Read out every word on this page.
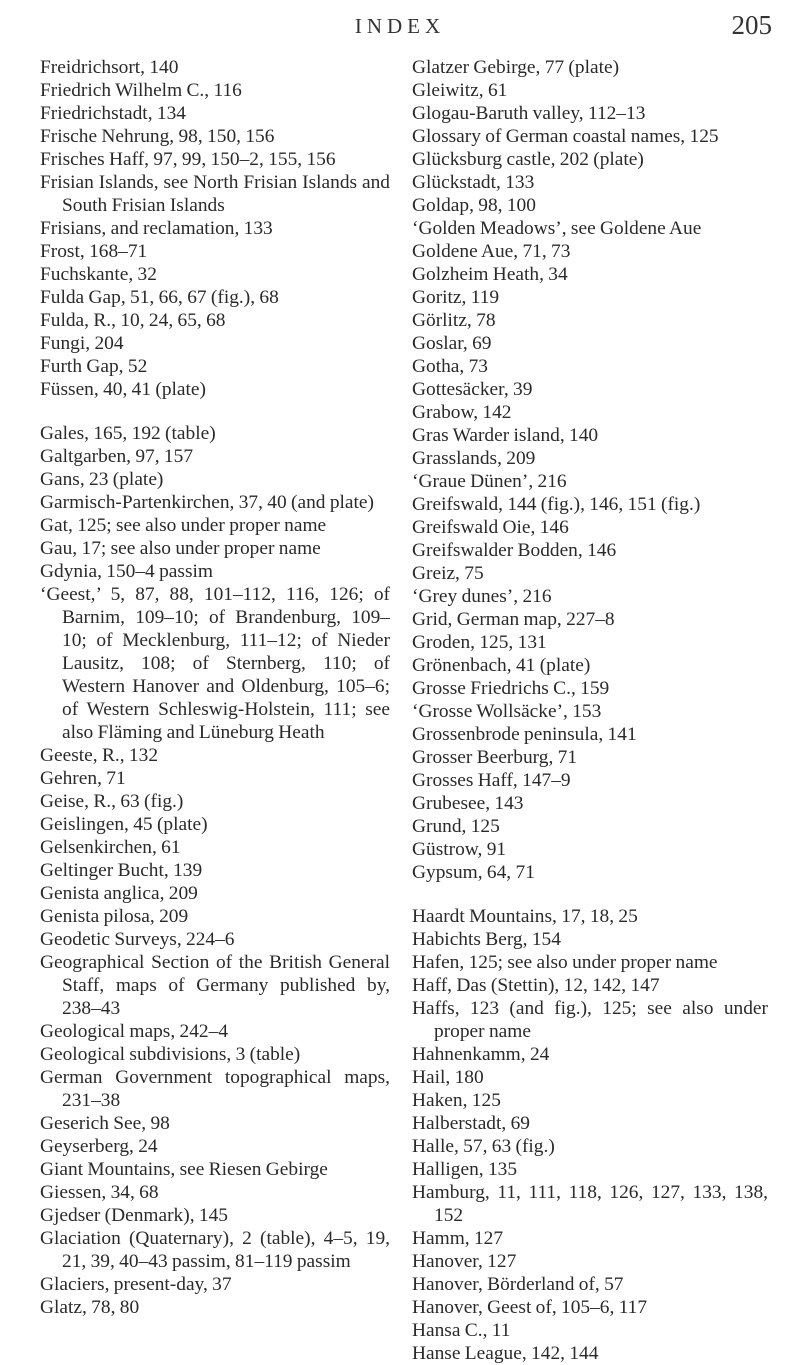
INDEX	205
Freidrichsort, 140
Friedrich Wilhelm C., 116
Friedrichstadt, 134
Frische Nehrung, 98, 150, 156
Frisches Haff, 97, 99, 150–2, 155, 156
Frisian Islands, see North Frisian Islands and South Frisian Islands
Frisians, and reclamation, 133
Frost, 168–71
Fuchskante, 32
Fulda Gap, 51, 66, 67 (fig.), 68
Fulda, R., 10, 24, 65, 68
Fungi, 204
Furth Gap, 52
Füssen, 40, 41 (plate)
Gales, 165, 192 (table)
Galtgarben, 97, 157
Gans, 23 (plate)
Garmisch-Partenkirchen, 37, 40 (and plate)
Gat, 125; see also under proper name
Gau, 17; see also under proper name
Gdynia, 150–4 passim
‘Geest,’ 5, 87, 88, 101–112, 116, 126; of Barnim, 109–10; of Brandenburg, 109–10; of Mecklenburg, 111–12; of Nieder Lausitz, 108; of Sternberg, 110; of Western Hanover and Oldenburg, 105–6; of Western Schleswig-Holstein, 111; see also Fläming and Lüneburg Heath
Geeste, R., 132
Gehren, 71
Geise, R., 63 (fig.)
Geislingen, 45 (plate)
Gelsenkirchen, 61
Geltinger Bucht, 139
Genista anglica, 209
Genista pilosa, 209
Geodetic Surveys, 224–6
Geographical Section of the British General Staff, maps of Germany published by, 238–43
Geological maps, 242–4
Geological subdivisions, 3 (table)
German Government topographical maps, 231–38
Geserich See, 98
Geyserberg, 24
Giant Mountains, see Riesen Gebirge
Giessen, 34, 68
Gjedser (Denmark), 145
Glaciation (Quaternary), 2 (table), 4–5, 19, 21, 39, 40–43 passim, 81–119 passim
Glaciers, present-day, 37
Glatz, 78, 80
Glatzer Gebirge, 77 (plate)
Gleiwitz, 61
Glogau-Baruth valley, 112–13
Glossary of German coastal names, 125
Glücksburg castle, 202 (plate)
Glückstadt, 133
Goldap, 98, 100
‘Golden Meadows’, see Goldene Aue
Goldene Aue, 71, 73
Golzheim Heath, 34
Goritz, 119
Görlitz, 78
Goslar, 69
Gotha, 73
Gottesäcker, 39
Grabow, 142
Gras Warder island, 140
Grasslands, 209
‘Graue Dünen’, 216
Greifswald, 144 (fig.), 146, 151 (fig.)
Greifswald Oie, 146
Greifswalder Bodden, 146
Greiz, 75
‘Grey dunes’, 216
Grid, German map, 227–8
Groden, 125, 131
Grönenbach, 41 (plate)
Grosse Friedrichs C., 159
‘Grosse Wollsäcke’, 153
Grossenbrode peninsula, 141
Grosser Beerburg, 71
Grosses Haff, 147–9
Grubesee, 143
Grund, 125
Güstrow, 91
Gypsum, 64, 71
Haardt Mountains, 17, 18, 25
Habichts Berg, 154
Hafen, 125; see also under proper name
Haff, Das (Stettin), 12, 142, 147
Haffs, 123 (and fig.), 125; see also under proper name
Hahnenkamm, 24
Hail, 180
Haken, 125
Halberstadt, 69
Halle, 57, 63 (fig.)
Halligen, 135
Hamburg, 11, 111, 118, 126, 127, 133, 138, 152
Hamm, 127
Hanover, 127
Hanover, Börderland of, 57
Hanover, Geest of, 105–6, 117
Hansa C., 11
Hanse League, 142, 144
